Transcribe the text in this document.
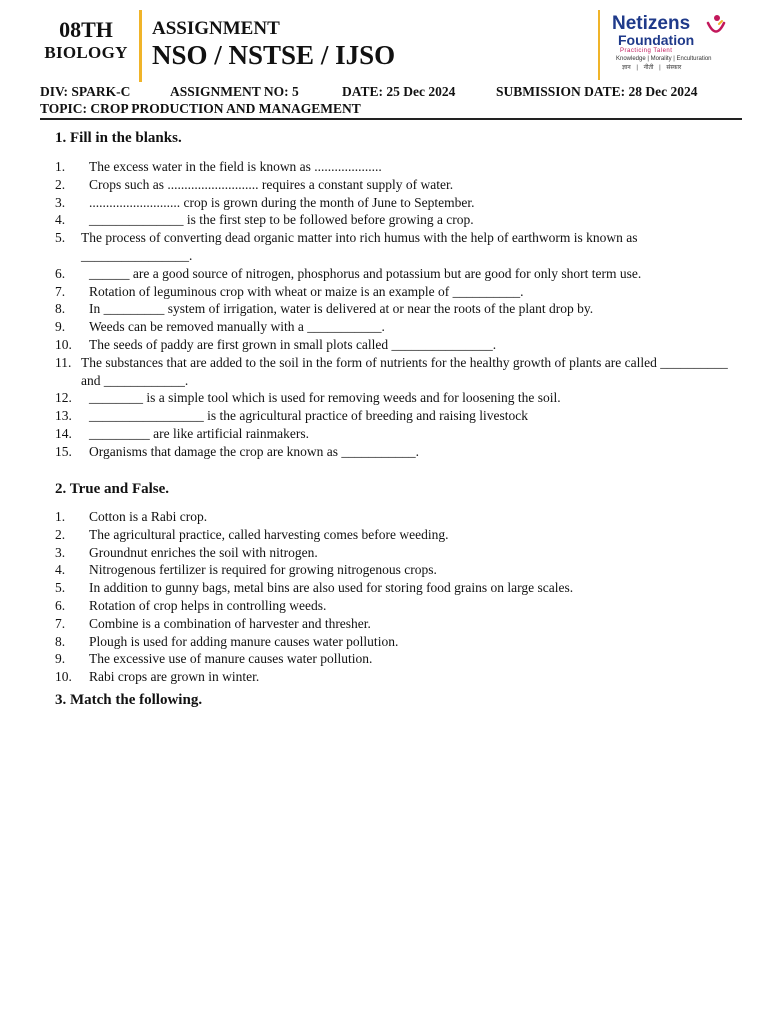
08TH
BIOLOGY
ASSIGNMENT
NSO / NSTSE / IJSO
Netizens
Foundation
Practicing Talent
Knowledge | Morality | Enculturation
ज्ञान | नीती | संस्कार
DIV: SPARK-C	ASSIGNMENT NO: 5	DATE: 25 Dec 2024	SUBMISSION DATE: 28 Dec 2024
TOPIC: CROP PRODUCTION AND MANAGEMENT
1. Fill in the blanks.
1.	The excess water in the field is known as ....................
2.	Crops such as ........................... requires a constant supply of water.
3.	........................... crop is grown during the month of June to September.
4.	______________ is the first step to be followed before growing a crop.
5.	The process of converting dead organic matter into rich humus with the help of earthworm is known as ________________.
6.	______ are a good source of nitrogen, phosphorus and potassium but are good for only short term use.
7.	Rotation of leguminous crop with wheat or maize is an example of __________.
8.	In _________ system of irrigation, water is delivered at or near the roots of the plant drop by.
9.	Weeds can be removed manually with a ___________.
10.	The seeds of paddy are first grown in small plots called _______________.
11. The substances that are added to the soil in the form of nutrients for the healthy growth of plants are called __________ and ____________.
12.	________ is a simple tool which is used for removing weeds and for loosening the soil.
13.	_________________ is the agricultural practice of breeding and raising livestock
14.	_________ are like artificial rainmakers.
15.	Organisms that damage the crop are known as ___________.
2. True and False.
1.	Cotton is a Rabi crop.
2.	The agricultural practice, called harvesting comes before weeding.
3.	Groundnut enriches the soil with nitrogen.
4.	Nitrogenous fertilizer is required for growing nitrogenous crops.
5.	In addition to gunny bags, metal bins are also used for storing food grains on large scales.
6.	Rotation of crop helps in controlling weeds.
7.	Combine is a combination of harvester and thresher.
8.	Plough is used for adding manure causes water pollution.
9.	The excessive use of manure causes water pollution.
10.	Rabi crops are grown in winter.
3. Match the following.
